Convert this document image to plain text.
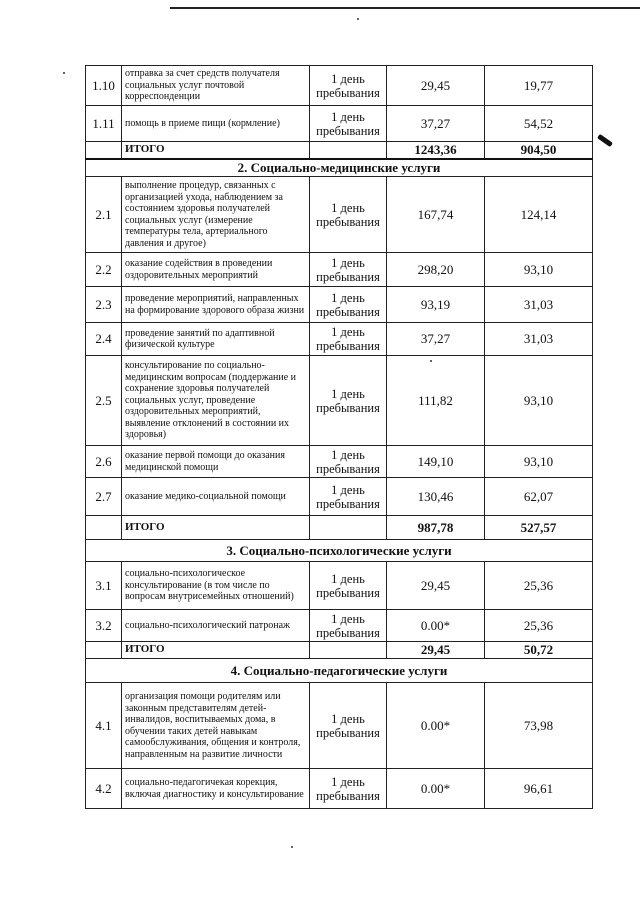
1.10	отправка за счет средств получателя социальных услуг почтовой корреспонденции	1 день пребывания	29,45	19,77
1.11	помощь в приеме пищи (кормление)	1 день пребывания	37,27	54,52
	ИТОГО		1243,36	904,50
2. Социально-медицинские услуги				
2.1	выполнение процедур, связанных с организацией ухода, наблюдением за состоянием здоровья получателей социальных услуг (измерение температуры тела, артериального давления и другое)	1 день пребывания	167,74	124,14
2.2	оказание содействия в проведении оздоровительных мероприятий	1 день пребывания	298,20	93,10
2.3	проведение мероприятий, направленных на формирование здорового образа жизни	1 день пребывания	93,19	31,03
2.4	проведение занятий по адаптивной физической культуре	1 день пребывания	37,27	31,03
2.5	консультирование по социально-медицинским вопросам (поддержание и сохранение здоровья получателей социальных услуг, проведение оздоровительных мероприятий, выявление отклонений в состоянии их здоровья)	1 день пребывания	111,82	93,10
2.6	оказание первой помощи до оказания медицинской помощи	1 день пребывания	149,10	93,10
2.7	оказание медико-социальной помощи	1 день пребывания	130,46	62,07
	ИТОГО		987,78	527,57
3. Социально-психологические услуги				
3.1	социально-психологическое консультирование (в том числе по вопросам внутрисемейных отношений)	1 день пребывания	29,45	25,36
3.2	социально-психологический патронаж	1 день пребывания	0.00*	25,36
	ИТОГО		29,45	50,72
4. Социально-педагогические услуги				
4.1	организация помощи родителям или законным представителям детей-инвалидов, воспитываемых дома, в обучении таких детей навыкам самообслуживания, общения и контроля, направленным на развитие личности	1 день пребывания	0.00*	73,98
4.2	социально-педагогичекая корекция, включая диагностику и консультирование	1 день пребывания	0.00*	96,61
